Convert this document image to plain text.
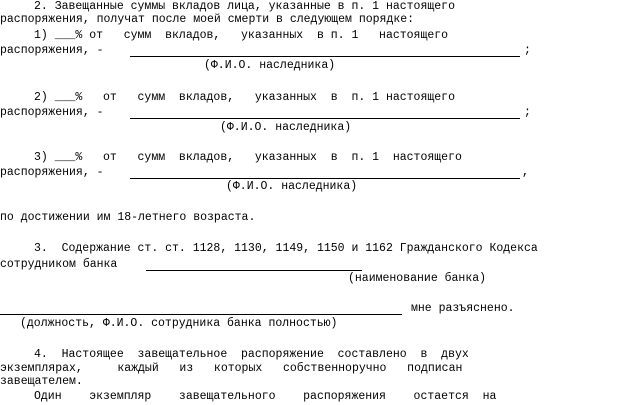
2. Завещанные суммы вкладов лица, указанные в п. 1 настоящего
распоряжения, получат после моей смерти в следующем порядке:
1) ___% от   сумм  вкладов,   указанных  в п. 1   настоящего
распоряжения, -	;
(Ф.И.О. наследника)
2) ___%   от   сумм  вкладов,   указанных  в  п. 1 настоящего
распоряжения, -	;
(Ф.И.О. наследника)
3) ___%   от   сумм  вкладов,   указанных  в  п. 1  настоящего
распоряжения, -	,
(Ф.И.О. наследника)
по достижении им 18-летнего возраста.
3.  Содержание ст. ст. 1128, 1130, 1149, 1150 и 1162 Гражданского Кодекса
сотрудником банка
(наименование банка)
мне разъяснено.
(должность, Ф.И.О. сотрудника банка полностью)
4.  Настоящее  завещательное  распоряжение  составлено  в  двух
экземплярах,     каждый   из   которых   собственноручно   подписан
завещателем.
Один    экземпляр    завещательного    распоряжения    остается  на
